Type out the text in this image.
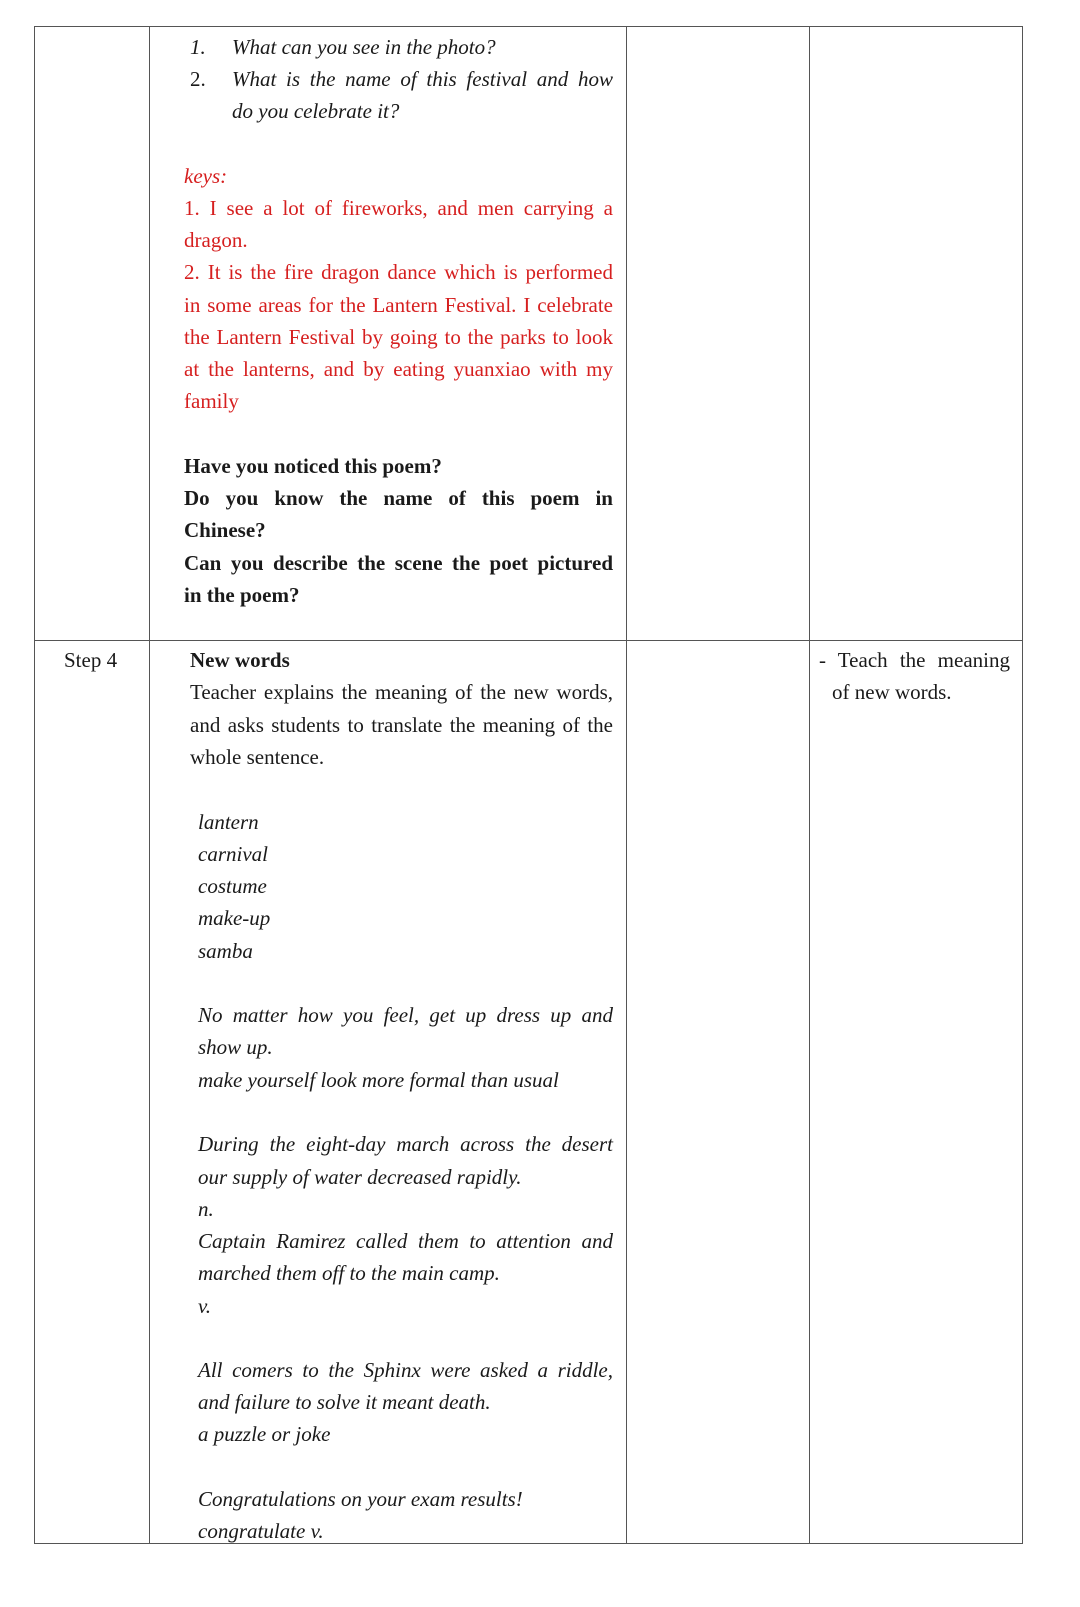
1. What can you see in the photo?
2. What is the name of this festival and how
do you celebrate it?
keys:
1. I see a lot of fireworks, and men carrying a
dragon.
2. It is the fire dragon dance which is performed
in some areas for the Lantern Festival. I celebrate
the Lantern Festival by going to the parks to look
at the lanterns, and by eating yuanxiao with my
family
Have you noticed this poem?
Do you know the name of this poem in
Chinese?
Can you describe the scene the poet pictured
in the poem?
Step 4	New words
Teacher explains the meaning of the new words,
and asks students to translate the meaning of the
whole sentence.
lantern
carnival
costume
make-up
samba
No matter how you feel, get up dress up and
show up.
make yourself look more formal than usual
During the eight-day march across the desert
our supply of water decreased rapidly.
n.
Captain Ramirez called them to attention and
marched them off to the main camp.
v.
All comers to the Sphinx were asked a riddle,
and failure to solve it meant death.
a puzzle or joke
Congratulations on your exam results!
congratulate v.
- Teach the meaning
of new words.
